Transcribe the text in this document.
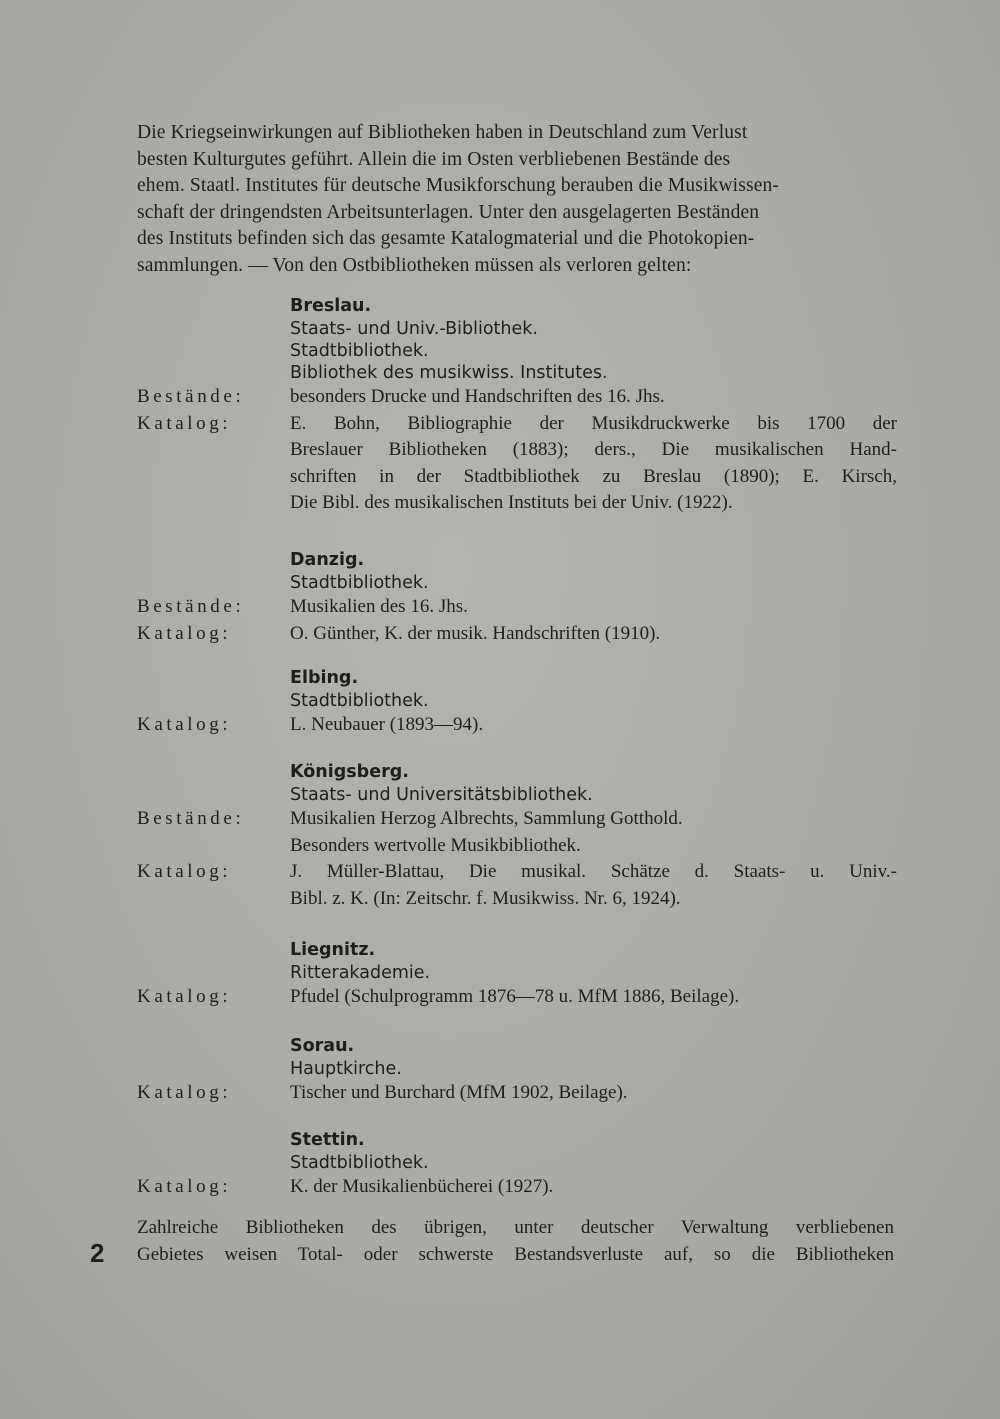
Die Kriegseinwirkungen auf Bibliotheken haben in Deutschland zum Verlust
besten Kulturgutes geführt. Allein die im Osten verbliebenen Bestände des
ehem. Staatl. Institutes für deutsche Musikforschung berauben die Musikwissen-
schaft der dringendsten Arbeitsunterlagen. Unter den ausgelagerten Beständen
des Instituts befinden sich das gesamte Katalogmaterial und die Photokopien-
sammlungen. — Von den Ostbibliotheken müssen als verloren gelten:
Breslau.
Staats- und Univ.-Bibliothek.
Stadtbibliothek.
Bibliothek des musikwiss. Institutes.
Bestände:	besonders Drucke und Handschriften des 16. Jhs.
Katalog:	E. Bohn, Bibliographie der Musikdruckwerke bis 1700 der
Breslauer Bibliotheken (1883); ders., Die musikalischen Hand-
schriften in der Stadtbibliothek zu Breslau (1890); E. Kirsch,
Die Bibl. des musikalischen Instituts bei der Univ. (1922).
Danzig.
Stadtbibliothek.
Bestände:	Musikalien des 16. Jhs.
Katalog:	O. Günther, K. der musik. Handschriften (1910).
Elbing.
Stadtbibliothek.
Katalog:	L. Neubauer (1893—94).
Königsberg.
Staats- und Universitätsbibliothek.
Bestände:	Musikalien Herzog Albrechts, Sammlung Gotthold.
Besonders wertvolle Musikbibliothek.
Katalog:	J. Müller-Blattau, Die musikal. Schätze d. Staats- u. Univ.-
Bibl. z. K. (In: Zeitschr. f. Musikwiss. Nr. 6, 1924).
Liegnitz.
Ritterakademie.
Katalog:	Pfudel (Schulprogramm 1876—78 u. MfM 1886, Beilage).
Sorau.
Hauptkirche.
Katalog:	Tischer und Burchard (MfM 1902, Beilage).
Stettin.
Stadtbibliothek.
Katalog:	K. der Musikalienbücherei (1927).
Zahlreiche Bibliotheken des übrigen, unter deutscher Verwaltung verbliebenen
Gebietes weisen Total- oder schwerste Bestandsverluste auf, so die Bibliotheken
2
